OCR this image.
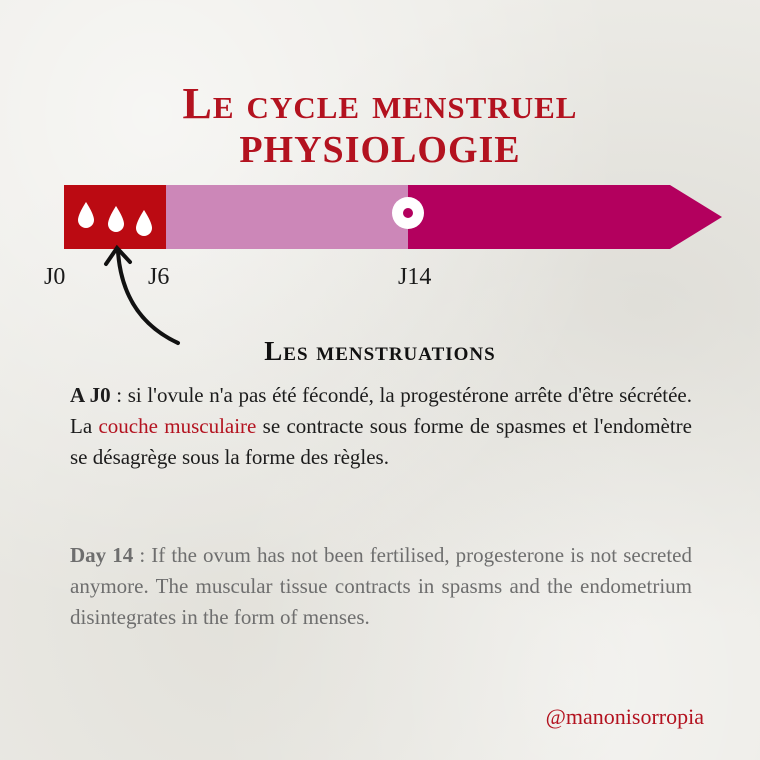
Le cycle menstruel
PHYSIOLOGIE
J0	J6	J14
Les menstruations

A J0 : si l'ovule n'a pas été fécondé, la progestérone arrête d'être sécrétée. La couche musculaire se contracte sous forme de spasmes et l'endomètre se désagrège sous la forme des règles.

Day 14 : If the ovum has not been fertilised, progesterone is not secreted anymore. The muscular tissue contracts in spasms and the endometrium disintegrates in the form of menses.

@manonisorropia
